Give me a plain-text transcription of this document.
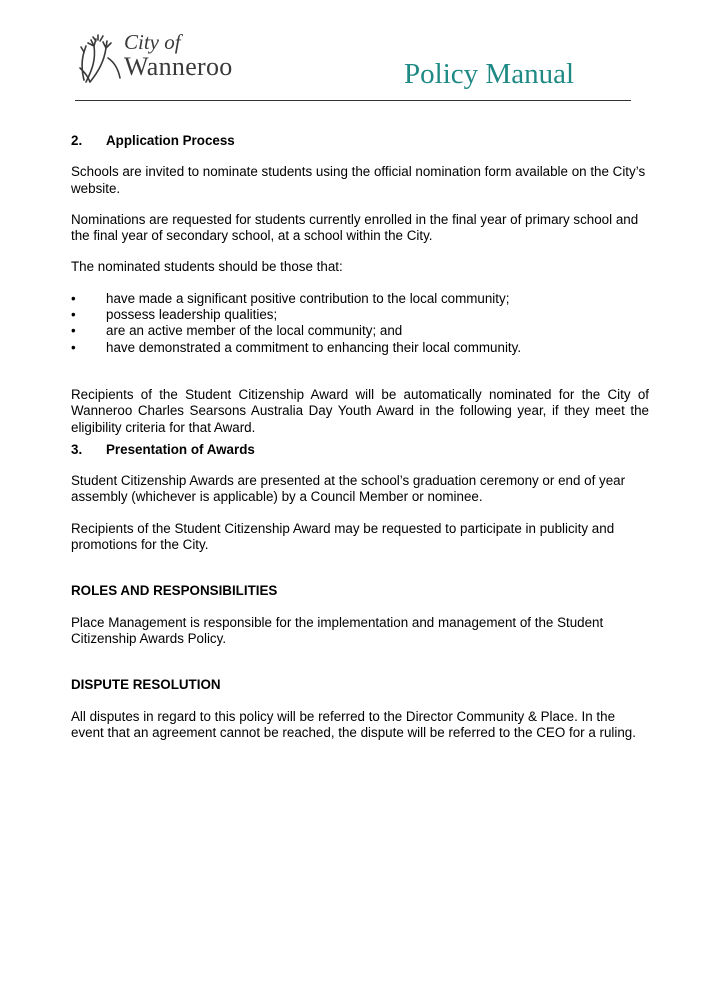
City of
Wanneroo	Policy Manual
2.	Application Process

Schools are invited to nominate students using the official nomination form available on the City’s website.

Nominations are requested for students currently enrolled in the final year of primary school and the final year of secondary school, at a school within the City.

The nominated students should be those that:

•	have made a significant positive contribution to the local community;
•	possess leadership qualities;
•	are an active member of the local community; and
•	have demonstrated a commitment to enhancing their local community.

Recipients of the Student Citizenship Award will be automatically nominated for the City of Wanneroo Charles Searsons Australia Day Youth Award in the following year, if they meet the eligibility criteria for that Award.

3.	Presentation of Awards

Student Citizenship Awards are presented at the school’s graduation ceremony or end of year assembly (whichever is applicable) by a Council Member or nominee.

Recipients of the Student Citizenship Award may be requested to participate in publicity and promotions for the City.

ROLES AND RESPONSIBILITIES

Place Management is responsible for the implementation and management of the Student Citizenship Awards Policy.

DISPUTE RESOLUTION

All disputes in regard to this policy will be referred to the Director Community & Place. In the event that an agreement cannot be reached, the dispute will be referred to the CEO for a ruling.
